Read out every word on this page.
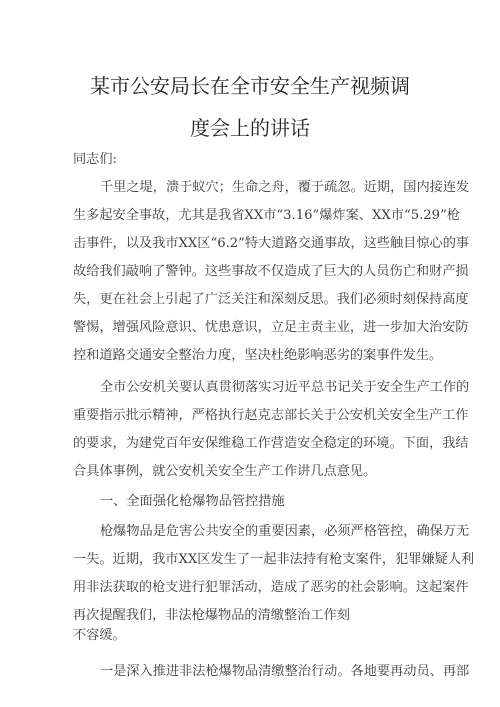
某市公安局长在全市安全生产视频调
度会上的讲话
同志们:
千里之堤，溃于蚁穴；生命之舟，覆于疏忽。近期，国内接连发
生多起安全事故，尤其是我省XX市“3.16”爆炸案、XX市“5.29”枪
击事件，以及我市XX区“6.2”特大道路交通事故，这些触目惊心的事
故给我们敲响了警钟。这些事故不仅造成了巨大的人员伤亡和财产损
失，更在社会上引起了广泛关注和深刻反思。我们必须时刻保持高度
警惕，增强风险意识、忧患意识，立足主责主业，进一步加大治安防
控和道路交通安全整治力度，坚决杜绝影响恶劣的案事件发生。
全市公安机关要认真贯彻落实习近平总书记关于安全生产工作的
重要指示批示精神，严格执行赵克志部长关于公安机关安全生产工作
的要求，为建党百年安保维稳工作营造安全稳定的环境。下面，我结
合具体事例，就公安机关安全生产工作讲几点意见。
一、全面强化枪爆物品管控措施
枪爆物品是危害公共安全的重要因素，必须严格管控，确保万无
一失。近期，我市XX区发生了一起非法持有枪支案件，犯罪嫌疑人利
用非法获取的枪支进行犯罪活动，造成了恶劣的社会影响。这起案件
再次提醒我们，非法枪爆物品的清缴整治工作刻
不容缓。
一是深入推进非法枪爆物品清缴整治行动。各地要再动员、再部
